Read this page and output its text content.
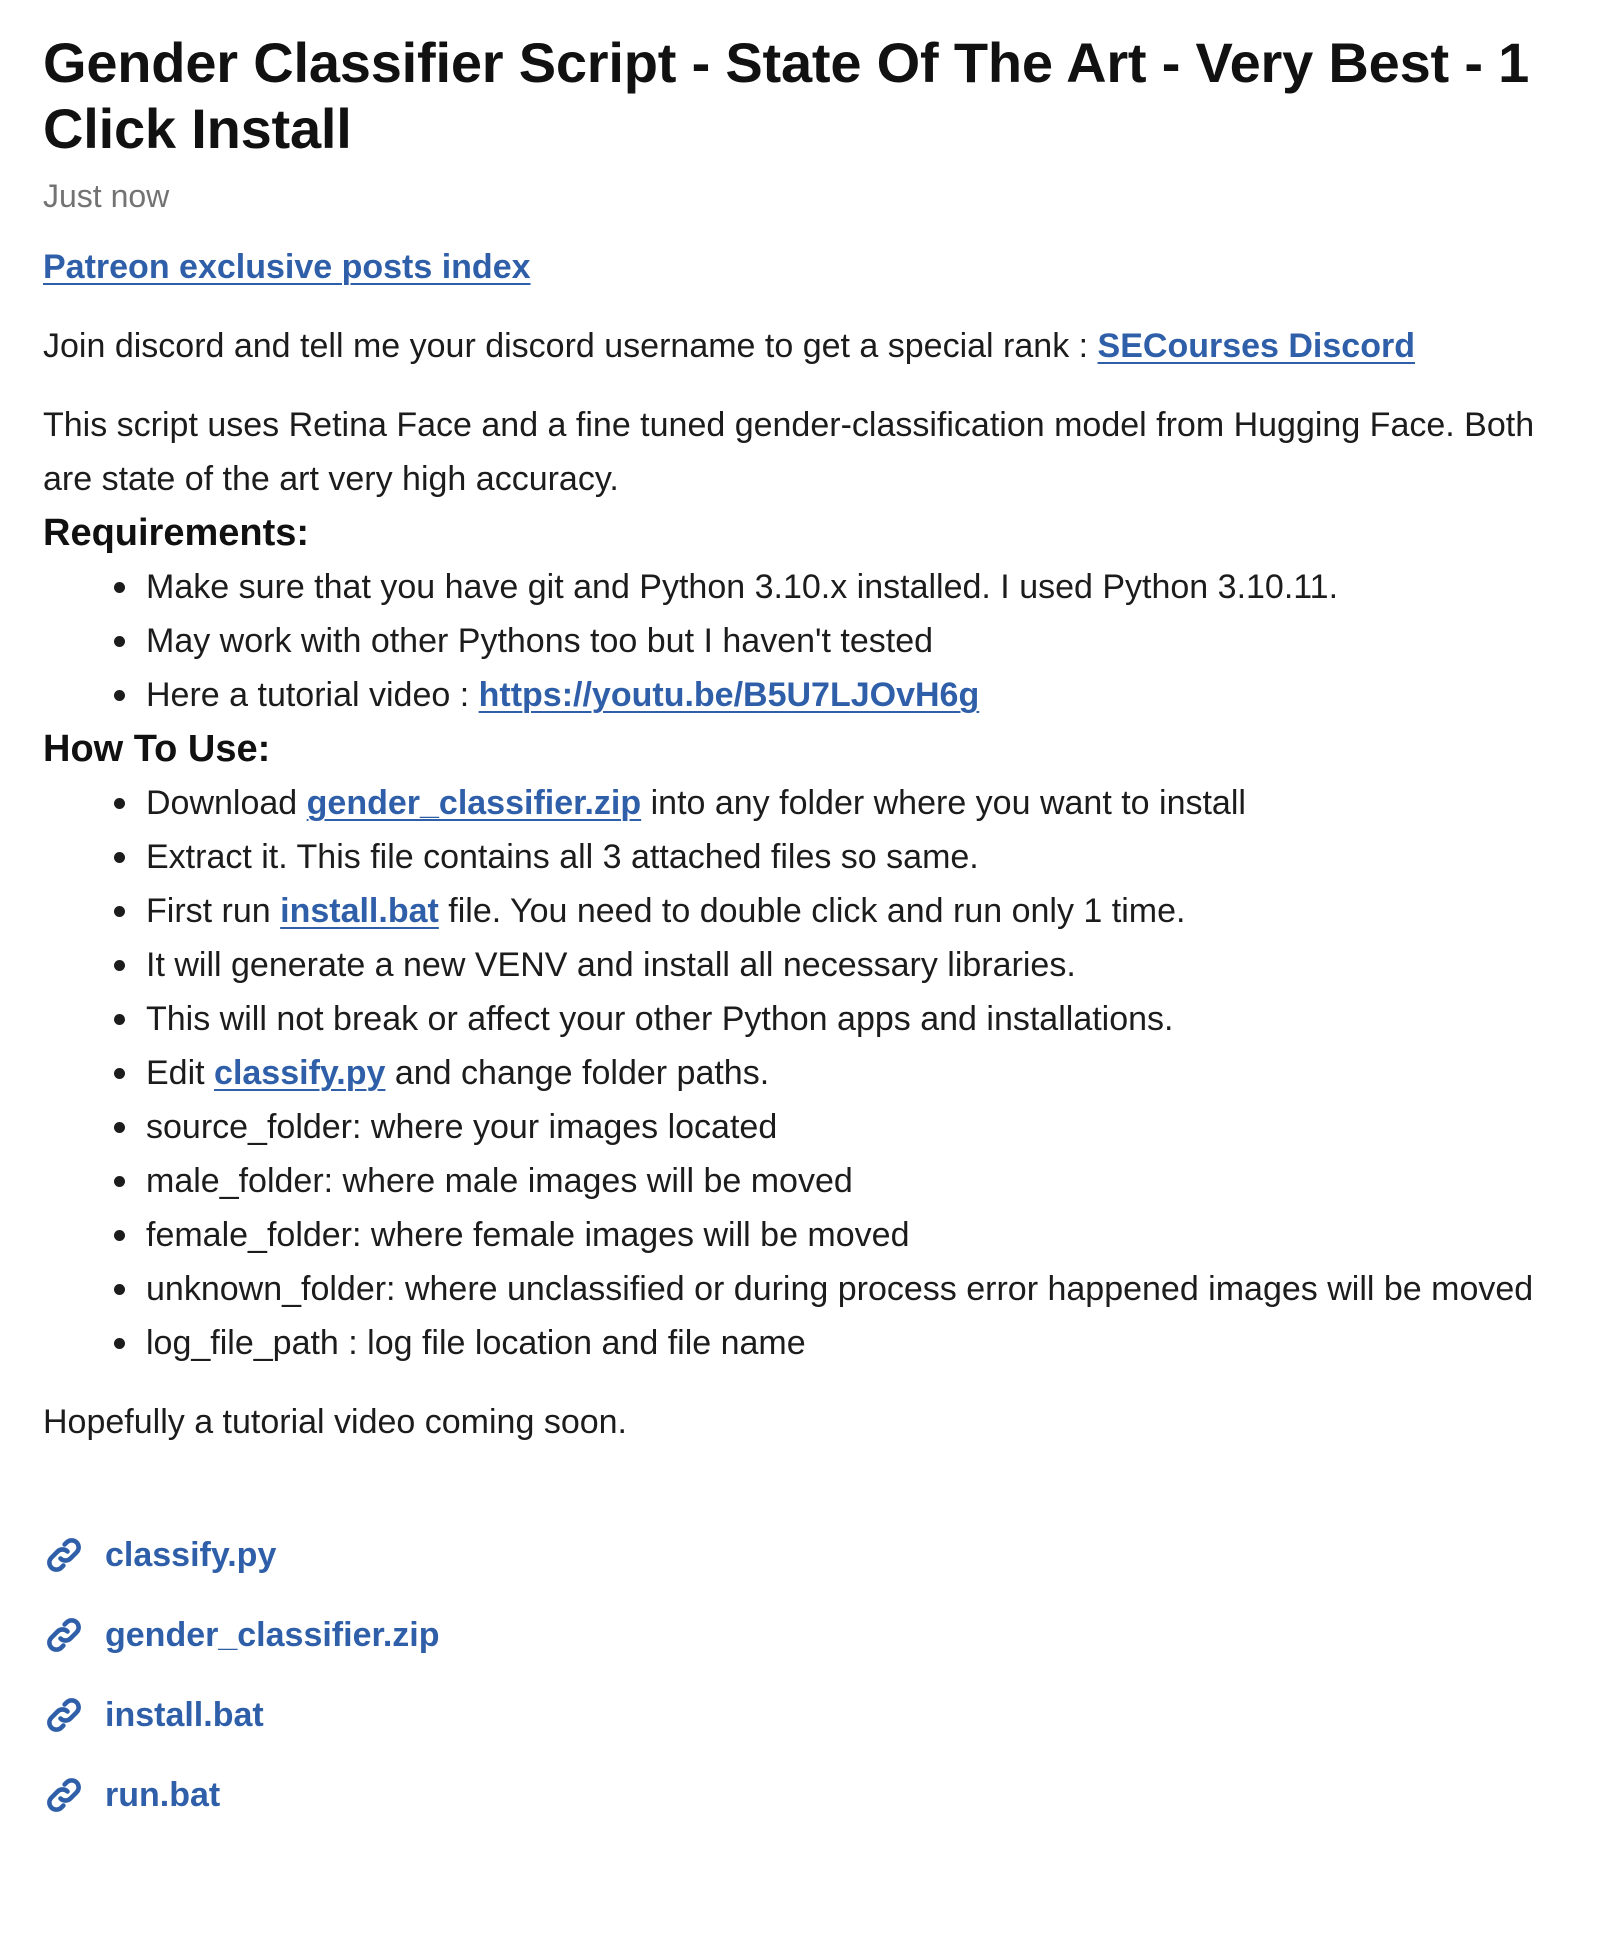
Gender Classifier Script - State Of The Art - Very Best - 1 Click Install
Just now

Patreon exclusive posts index

Join discord and tell me your discord username to get a special rank : SECourses Discord

This script uses Retina Face and a fine tuned gender-classification model from Hugging Face. Both are state of the art very high accuracy.

Requirements:
Make sure that you have git and Python 3.10.x installed. I used Python 3.10.11.
May work with other Pythons too but I haven't tested
Here a tutorial video : https://youtu.be/B5U7LJOvH6g
How To Use:
Download gender_classifier.zip into any folder where you want to install
Extract it. This file contains all 3 attached files so same.
First run install.bat file. You need to double click and run only 1 time.
It will generate a new VENV and install all necessary libraries.
This will not break or affect your other Python apps and installations.
Edit classify.py and change folder paths.
source_folder: where your images located
male_folder: where male images will be moved
female_folder: where female images will be moved
unknown_folder: where unclassified or during process error happened images will be moved
log_file_path : log file location and file name

Hopefully a tutorial video coming soon.

classify.py
gender_classifier.zip
install.bat
run.bat
